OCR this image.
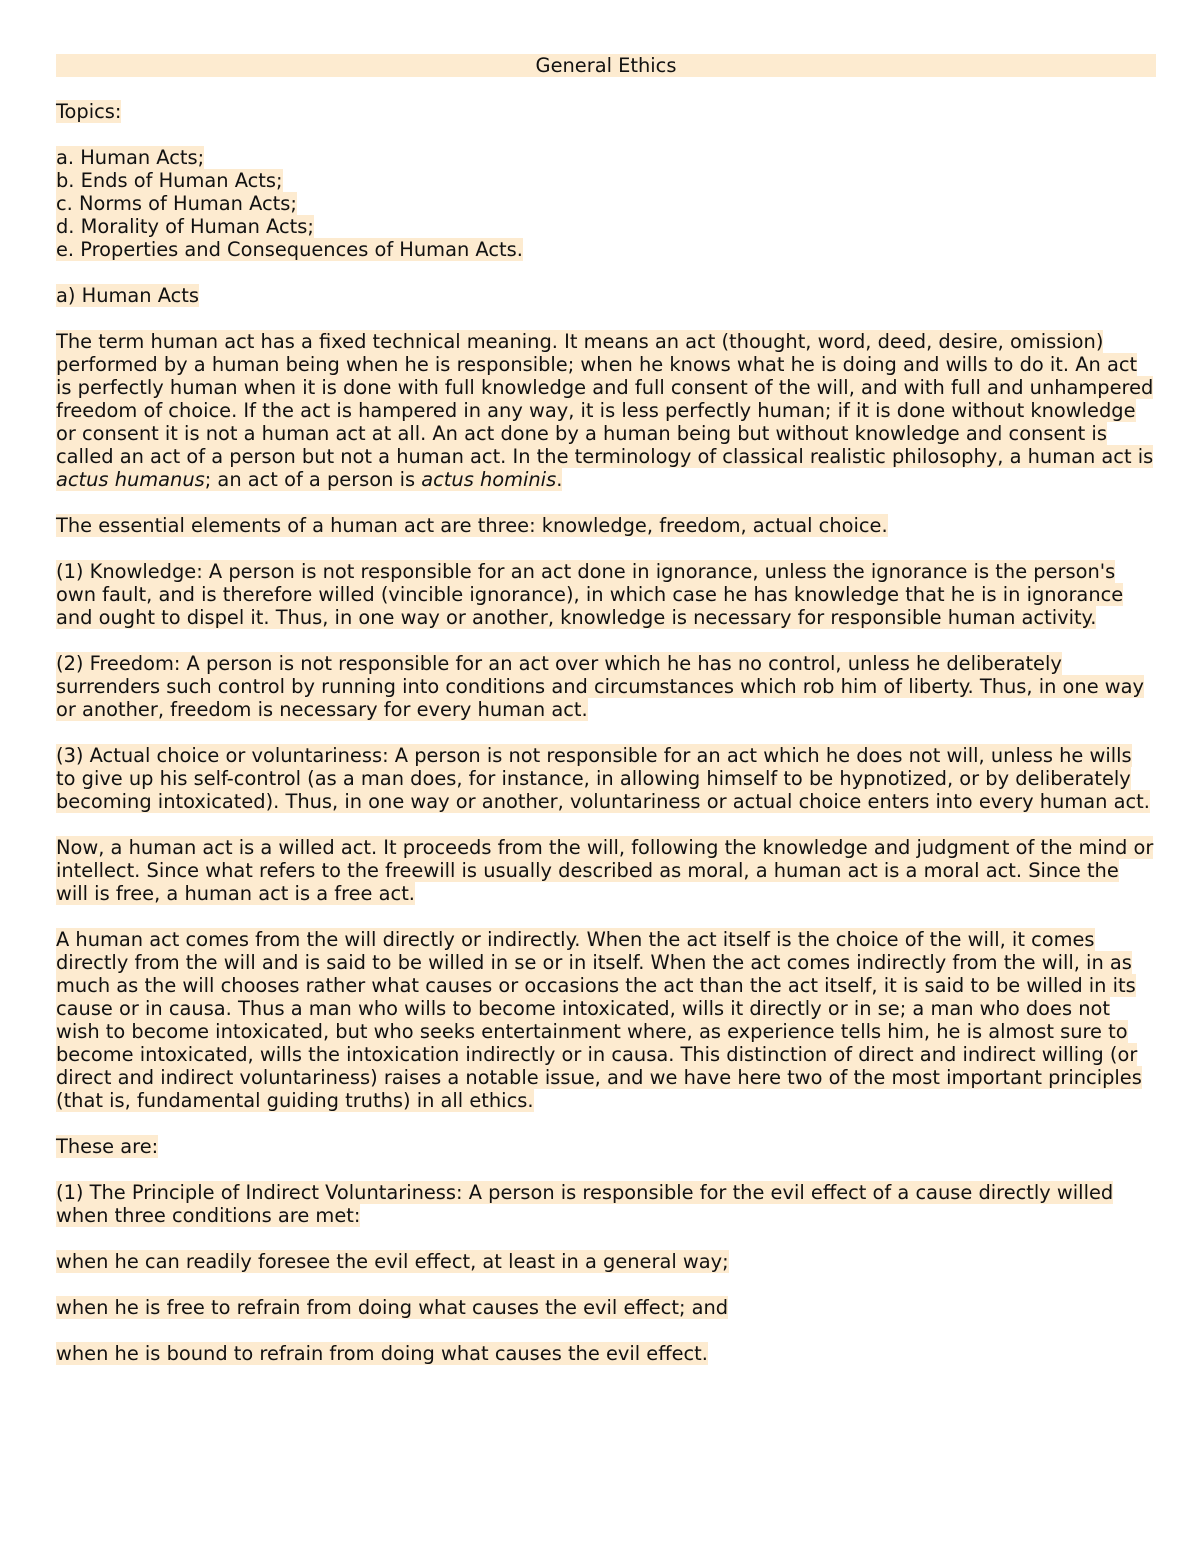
General Ethics

Topics:

a. Human Acts;
b. Ends of Human Acts;
c. Norms of Human Acts;
d. Morality of Human Acts;
e. Properties and Consequences of Human Acts.

a) Human Acts

The term human act has a fixed technical meaning. It means an act (thought, word, deed, desire, omission) performed by a human being when he is responsible; when he knows what he is doing and wills to do it. An act is perfectly human when it is done with full knowledge and full consent of the will, and with full and unhampered freedom of choice. If the act is hampered in any way, it is less perfectly human; if it is done without knowledge or consent it is not a human act at all. An act done by a human being but without knowledge and consent is called an act of a person but not a human act. In the terminology of classical realistic philosophy, a human act is actus humanus; an act of a person is actus hominis.

The essential elements of a human act are three: knowledge, freedom, actual choice.

(1) Knowledge: A person is not responsible for an act done in ignorance, unless the ignorance is the person's own fault, and is therefore willed (vincible ignorance), in which case he has knowledge that he is in ignorance and ought to dispel it. Thus, in one way or another, knowledge is necessary for responsible human activity.

(2) Freedom: A person is not responsible for an act over which he has no control, unless he deliberately surrenders such control by running into conditions and circumstances which rob him of liberty. Thus, in one way or another, freedom is necessary for every human act.

(3) Actual choice or voluntariness: A person is not responsible for an act which he does not will, unless he wills to give up his self-control (as a man does, for instance, in allowing himself to be hypnotized, or by deliberately becoming intoxicated). Thus, in one way or another, voluntariness or actual choice enters into every human act.

Now, a human act is a willed act. It proceeds from the will, following the knowledge and judgment of the mind or intellect. Since what refers to the freewill is usually described as moral, a human act is a moral act. Since the will is free, a human act is a free act.

A human act comes from the will directly or indirectly. When the act itself is the choice of the will, it comes directly from the will and is said to be willed in se or in itself. When the act comes indirectly from the will, in as much as the will chooses rather what causes or occasions the act than the act itself, it is said to be willed in its cause or in causa. Thus a man who wills to become intoxicated, wills it directly or in se; a man who does not wish to become intoxicated, but who seeks entertainment where, as experience tells him, he is almost sure to become intoxicated, wills the intoxication indirectly or in causa. This distinction of direct and indirect willing (or direct and indirect voluntariness) raises a notable issue, and we have here two of the most important principles (that is, fundamental guiding truths) in all ethics.

These are:

(1) The Principle of Indirect Voluntariness: A person is responsible for the evil effect of a cause directly willed when three conditions are met:

when he can readily foresee the evil effect, at least in a general way;

when he is free to refrain from doing what causes the evil effect; and

when he is bound to refrain from doing what causes the evil effect.
